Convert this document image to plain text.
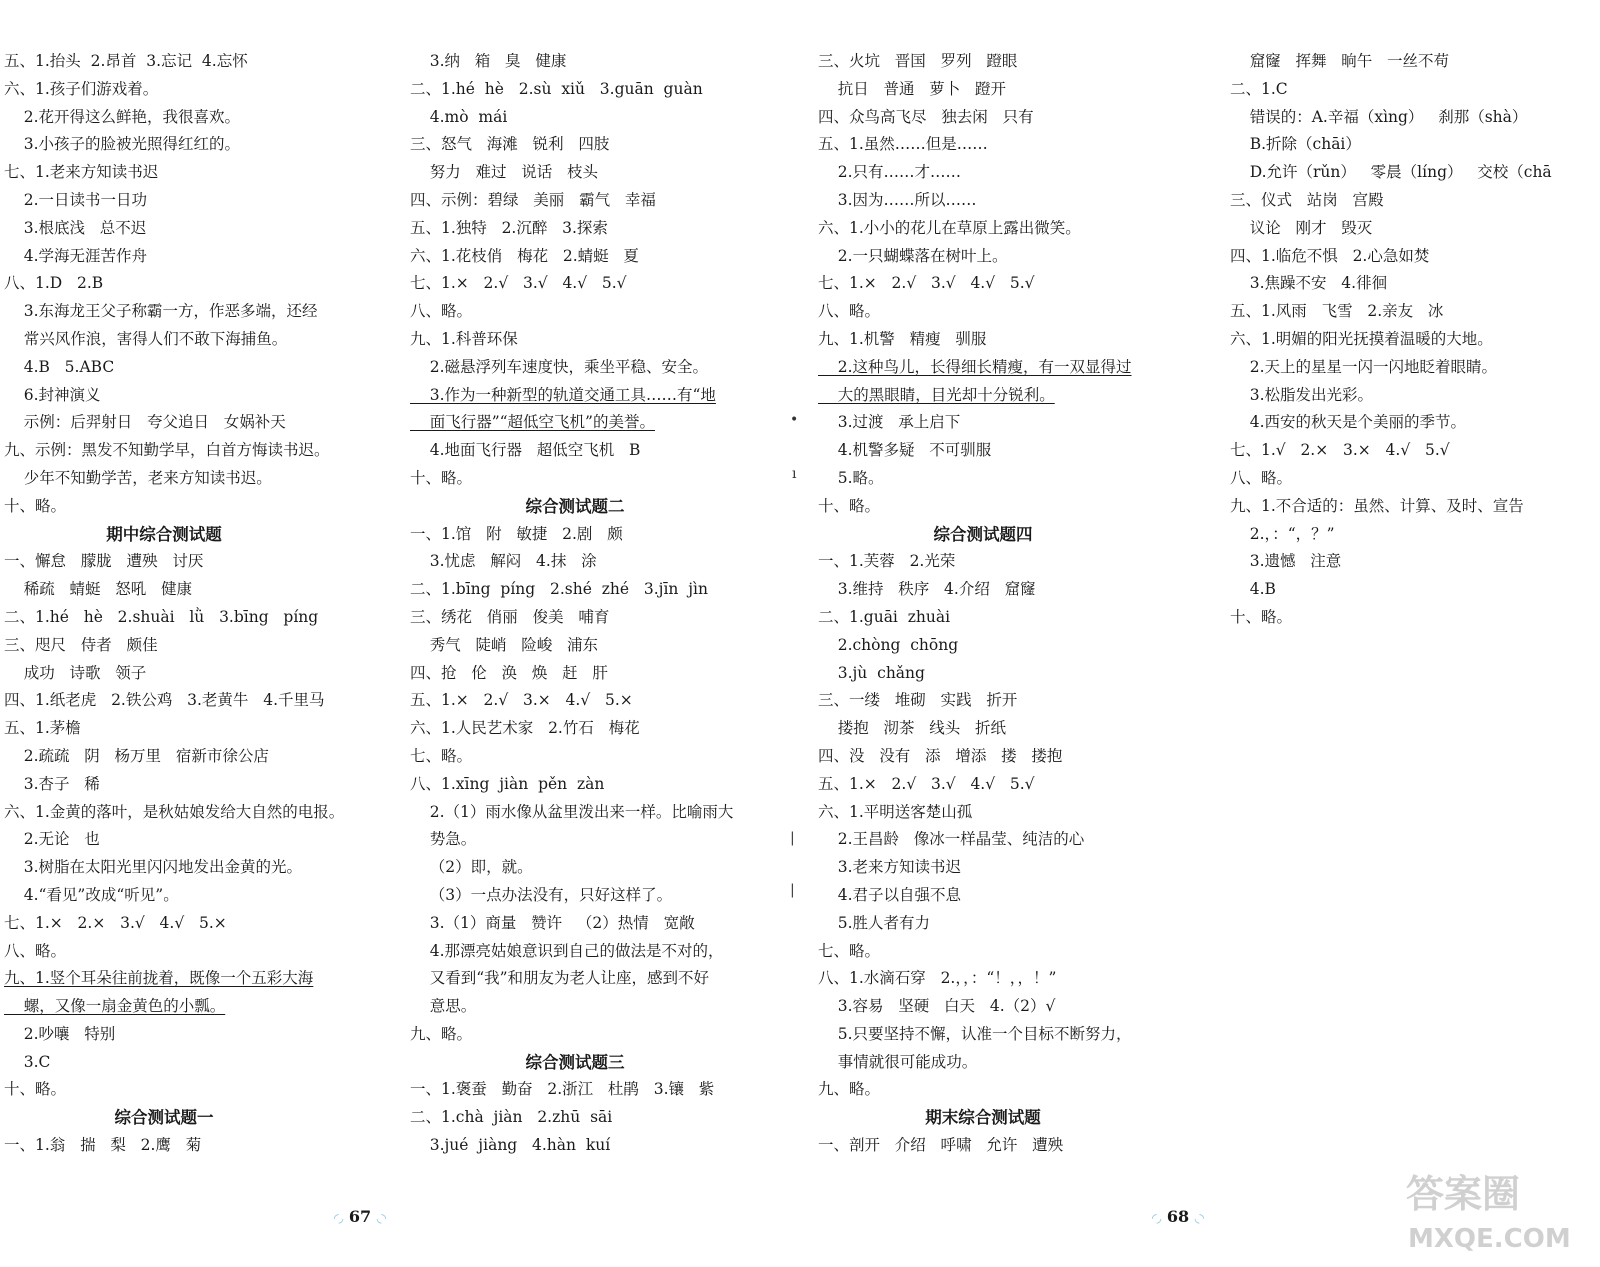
五、1.抬头  2.昂首  3.忘记  4.忘怀
六、1.孩子们游戏着。
2.花开得这么鲜艳，我很喜欢。
3.小孩子的脸被光照得红红的。
七、1.老来方知读书迟
2.一日读书一日功
3.根底浅   总不迟
4.学海无涯苦作舟
八、1.D   2.B
3.东海龙王父子称霸一方，作恶多端，还经
常兴风作浪，害得人们不敢下海捕鱼。
4.B   5.ABC
6.封神演义
示例：后羿射日   夸父追日   女娲补天
九、示例：黑发不知勤学早，白首方悔读书迟。
少年不知勤学苦，老来方知读书迟。
十、略。
期中综合测试题
一、懈怠   朦胧   遭殃   讨厌
稀疏   蜻蜓   怒吼   健康
二、1.hé   hè   2.shuài   lǜ   3.bīng   píng
三、咫尺   侍者   颇佳
成功   诗歌   领子
四、1.纸老虎   2.铁公鸡   3.老黄牛   4.千里马
五、1.茅檐
2.疏疏   阴   杨万里   宿新市徐公店
3.杏子   稀
六、1.金黄的落叶，是秋姑娘发给大自然的电报。
2.无论   也
3.树脂在太阳光里闪闪地发出金黄的光。
4.“看见”改成“听见”。
七、1.×   2.×   3.√   4.√   5.×
八、略。
九、1.竖个耳朵往前拢着，既像一个五彩大海
螺，又像一扇金黄色的小瓢。
2.吵嚷   特别
3.C
十、略。
综合测试题一
一、1.翁   揣   梨   2.鹰   菊
3.纳   箱   臭   健康
二、1.hé  hè   2.sù  xiǔ   3.guān  guàn
4.mò  mái
三、怒气   海滩   锐利   四肢
努力   难过   说话   枝头
四、示例：碧绿   美丽   霸气   幸福
五、1.独特   2.沉醉   3.探索
六、1.花枝俏   梅花   2.蜻蜓   夏
七、1.×   2.√   3.√   4.√   5.√
八、略。
九、1.科普环保
2.磁悬浮列车速度快，乘坐平稳、安全。
3.作为一种新型的轨道交通工具……有“地
面飞行器”“超低空飞机”的美誉。
4.地面飞行器   超低空飞机   B
十、略。
综合测试题二
一、1.馆   附   敏捷   2.剧   颇
3.忧虑   解闷   4.抹   涂
二、1.bīng  píng   2.shé  zhé   3.jīn  jìn
三、绣花   俏丽   俊美   哺育
秀气   陡峭   险峻   浦东
四、抢   伦   涣   焕   赶   肝
五、1.×   2.√   3.×   4.√   5.×
六、1.人民艺术家   2.竹石   梅花
七、略。
八、1.xīng  jiàn  pěn  zàn
2.（1）雨水像从盆里泼出来一样。比喻雨大
势急。
（2）即，就。
（3）一点办法没有，只好这样了。
3.（1）商量   赞许   （2）热情   宽敞
4.那漂亮姑娘意识到自己的做法是不对的，
又看到“我”和朋友为老人让座，感到不好
意思。
九、略。
综合测试题三
一、1.褒蚕   勤奋   2.浙江   杜鹃   3.镶   紫
二、1.chà  jiàn   2.zhū  sāi
3.jué  jiàng   4.hàn  kuí
三、火坑   晋国   罗列   蹬眼
抗日   普通   萝卜   蹬开
四、众鸟高飞尽   独去闲   只有
五、1.虽然……但是……
2.只有……才……
3.因为……所以……
六、1.小小的花儿在草原上露出微笑。
2.一只蝴蝶落在树叶上。
七、1.×   2.√   3.√   4.√   5.√
八、略。
九、1.机警   精瘦   驯服
2.这种鸟儿，长得细长精瘦，有一双显得过
大的黑眼睛，目光却十分锐利。
3.过渡   承上启下
4.机警多疑   不可驯服
5.略。
十、略。
综合测试题四
一、1.芙蓉   2.光荣
3.维持   秩序   4.介绍   窟窿
二、1.guāi  zhuài
2.chòng  chōng
3.jù  chǎng
三、一缕   堆砌   实践   折开
搂抱   沏茶   线头   折纸
四、没   没有   添   增添   搂   搂抱
五、1.×   2.√   3.√   4.√   5.√
六、1.平明送客楚山孤
2.王昌龄   像冰一样晶莹、纯洁的心
3.老来方知读书迟
4.君子以自强不息
5.胜人者有力
七、略。
八、1.水滴石穿   2.，，：“！，，！”
3.容易   坚硬   白天   4.（2）√
5.只要坚持不懈，认准一个目标不断努力，
事情就很可能成功。
九、略。
期末综合测试题
一、剖开   介绍   呼啸   允许   遭殃
窟窿   挥舞   晌午   一丝不苟
二、1.C
错误的：A.辛福（xìng）   刹那（shà）
B.折除（chāi）
D.允许（rǔn）   零晨（líng）   交校（chā
三、仪式   站岗   宫殿
议论   刚才   毁灭
四、1.临危不惧   2.心急如焚
3.焦躁不安   4.徘徊
五、1.风雨   飞雪   2.亲友   冰
六、1.明媚的阳光抚摸着温暖的大地。
2.天上的星星一闪一闪地眨着眼睛。
3.松脂发出光彩。
4.西安的秋天是个美丽的季节。
七、1.√   2.×   3.×   4.√   5.√
八、略。
九、1.不合适的：虽然、计算、及时、宣告
2.，：“，？”
3.遗憾   注意
4.B
十、略。
•
ı
|
|
◜◞ 67 ◟◝	◜◞ 68 ◟◝
答案圈
MXQE.COM
